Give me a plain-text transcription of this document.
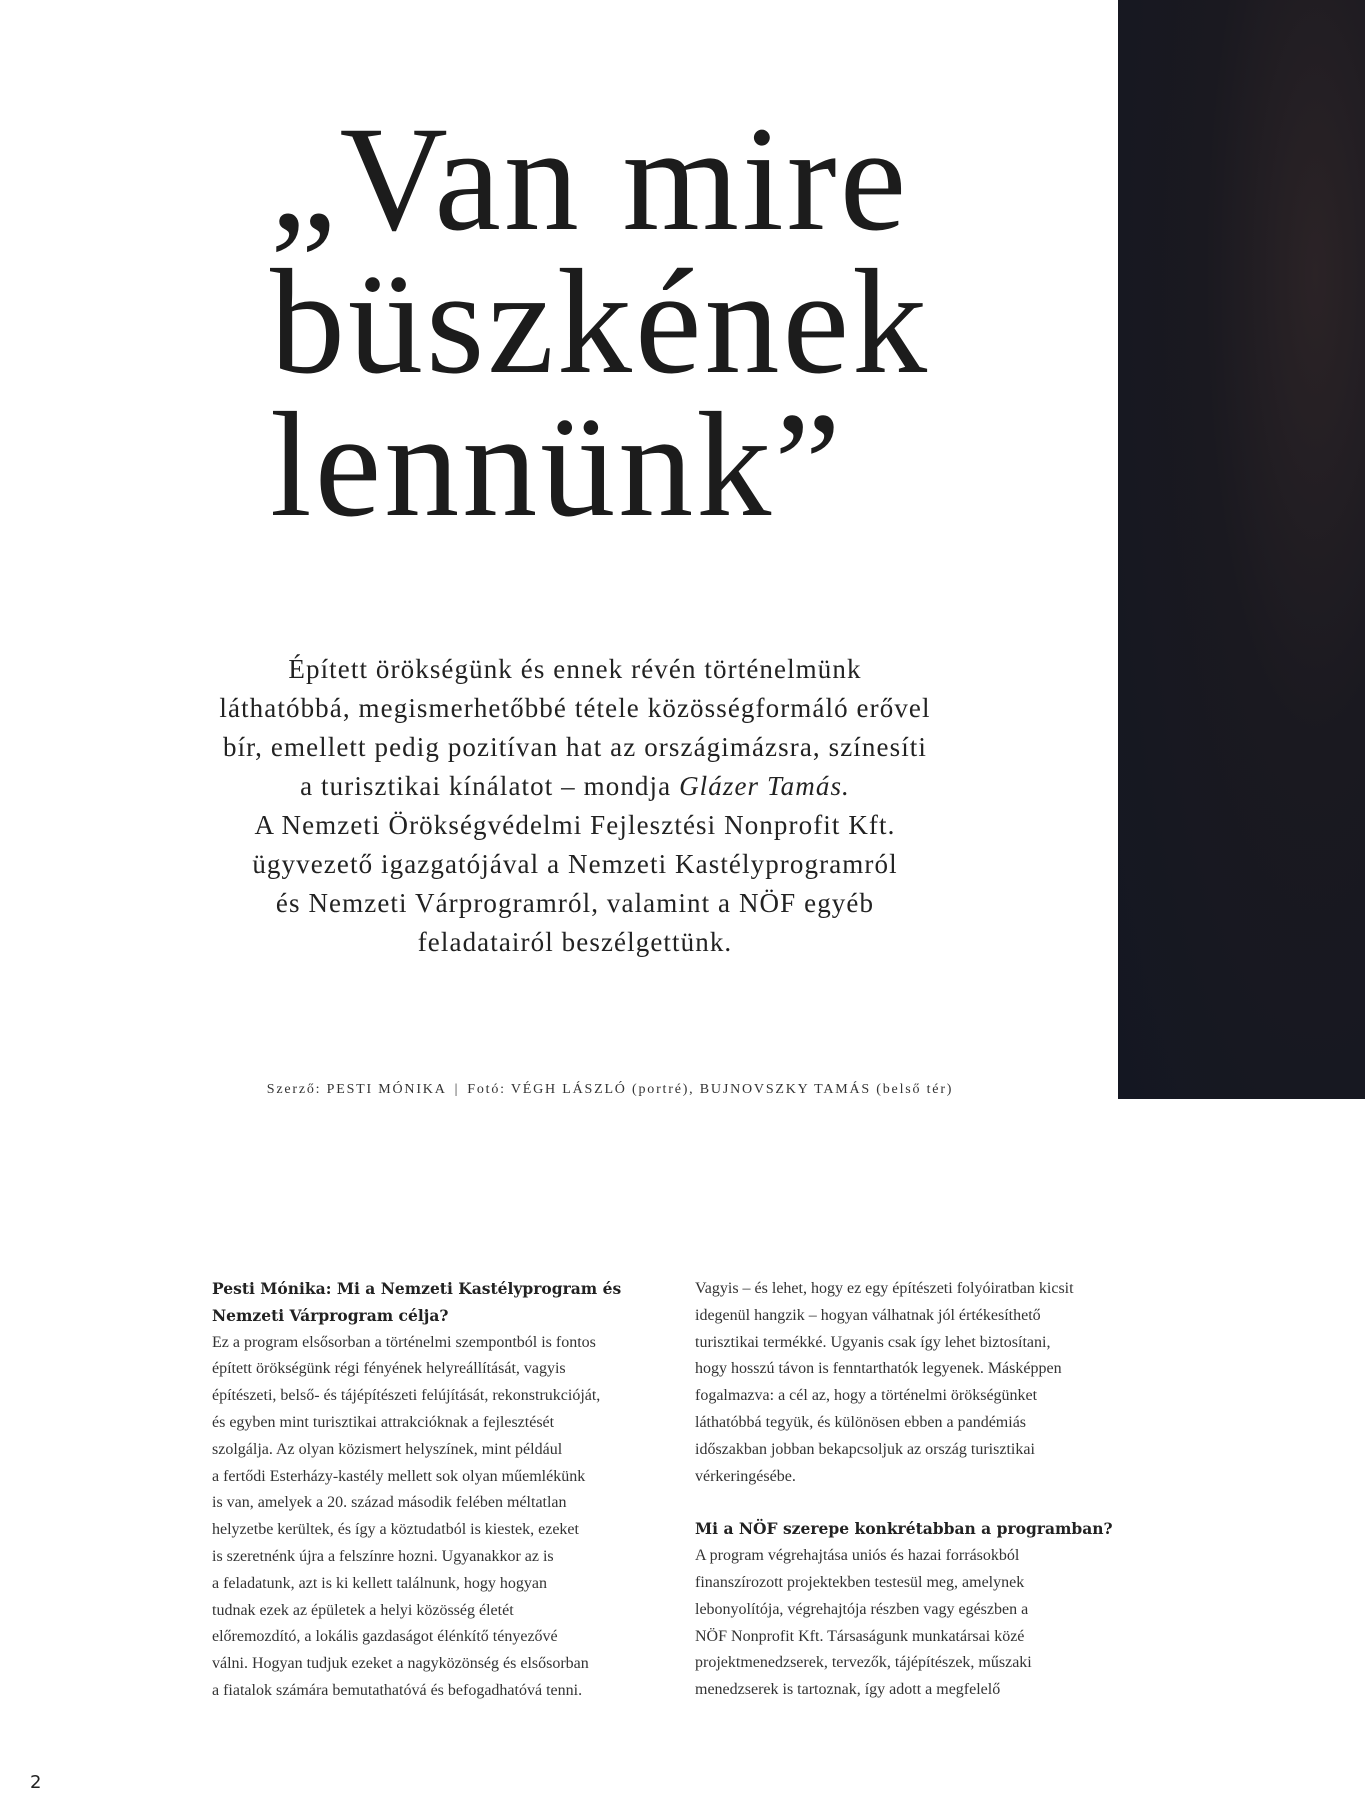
„Van mire
büszkének
lennünk”
Épített örökségünk és ennek révén történelmünk
láthatóbbá, megismerhetőbbé tétele közösségformáló erővel
bír, emellett pedig pozitívan hat az országimázsra, színesíti
a turisztikai kínálatot – mondja Glázer Tamás.
A Nemzeti Örökségvédelmi Fejlesztési Nonprofit Kft.
ügyvezető igazgatójával a Nemzeti Kastélyprogramról
és Nemzeti Várprogramról, valamint a NÖF egyéb
feladatairól beszélgettünk.
Szerző: PESTI MÓNIKA | Fotó: VÉGH LÁSZLÓ (portré), BUJNOVSZKY TAMÁS (belső tér)

Pesti Mónika: Mi a Nemzeti Kastélyprogram és

Nemzeti Várprogram célja?

Ez a program elsősorban a történelmi szempontból is fontos

épített örökségünk régi fényének helyreállítását, vagyis

építészeti, belső- és tájépítészeti felújítását, rekonstrukcióját,

és egyben mint turisztikai attrakcióknak a fejlesztését

szolgálja. Az olyan közismert helyszínek, mint például

a fertődi Esterházy-kastély mellett sok olyan műemlékünk

is van, amelyek a 20. század második felében méltatlan

helyzetbe kerültek, és így a köztudatból is kiestek, ezeket

is szeretnénk újra a felszínre hozni. Ugyanakkor az is

a feladatunk, azt is ki kellett találnunk, hogy hogyan

tudnak ezek az épületek a helyi közösség életét

előremozdító, a lokális gazdaságot élénkítő tényezővé

válni. Hogyan tudjuk ezeket a nagyközönség és elsősorban

a fiatalok számára bemutathatóvá és befogadhatóvá tenni.

Vagyis – és lehet, hogy ez egy építészeti folyóiratban kicsit

idegenül hangzik – hogyan válhatnak jól értékesíthető

turisztikai termékké. Ugyanis csak így lehet biztosítani,

hogy hosszú távon is fenntarthatók legyenek. Másképpen

fogalmazva: a cél az, hogy a történelmi örökségünket

láthatóbbá tegyük, és különösen ebben a pandémiás

időszakban jobban bekapcsoljuk az ország turisztikai

vérkeringésébe.

Mi a NÖF szerepe konkrétabban a programban?

A program végrehajtása uniós és hazai forrásokból

finanszírozott projektekben testesül meg, amelynek

lebonyolítója, végrehajtója részben vagy egészben a

NÖF Nonprofit Kft. Társaságunk munkatársai közé

projektmenedzserek, tervezők, tájépítészek, műszaki

menedzserek is tartoznak, így adott a megfelelő

2
